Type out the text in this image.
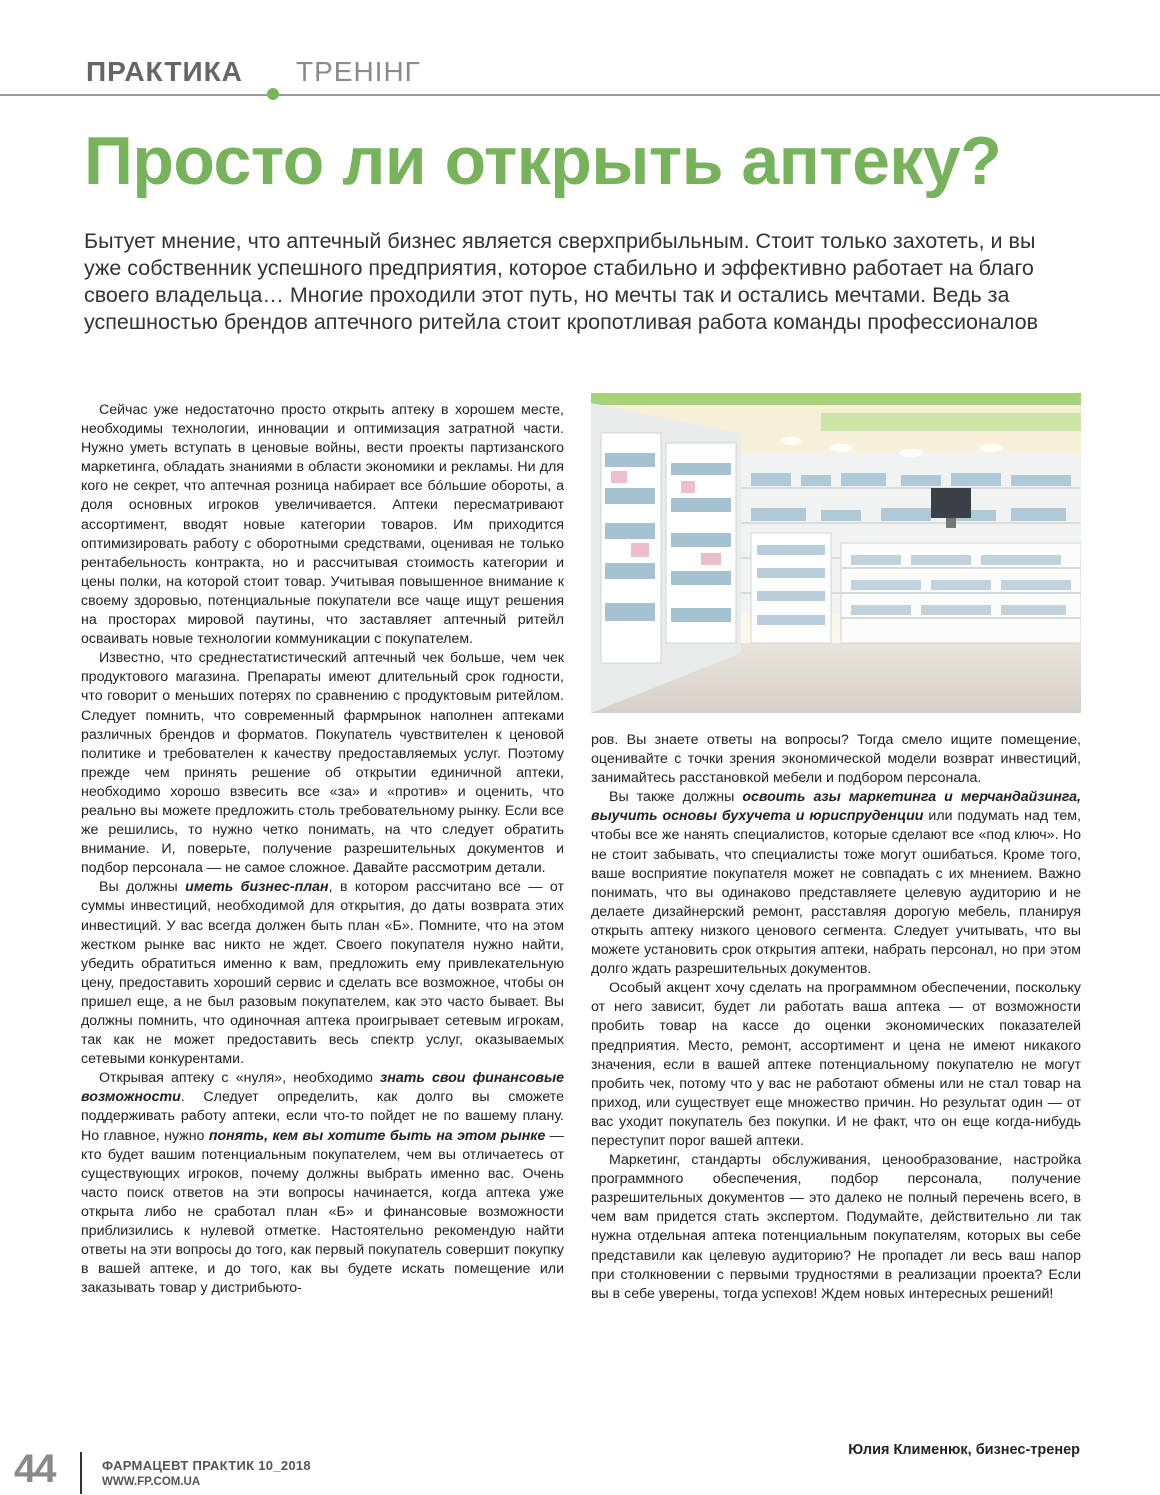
ПРАКТИКА ТРЕНІНГ
Просто ли открыть аптеку?
Бытует мнение, что аптечный бизнес является сверхприбыльным. Стоит только захотеть, и вы уже собственник успешного предприятия, которое стабильно и эффективно работает на благо своего владельца… Многие проходили этот путь, но мечты так и остались мечтами. Ведь за успешностью брендов аптечного ритейла стоит кропотливая работа команды профессионалов

Сейчас уже недостаточно просто открыть аптеку в хорошем месте, необходимы технологии, инновации и оптимизация затратной части. Нужно уметь вступать в ценовые войны, вести проекты партизанского маркетинга, обладать знаниями в области экономики и рекламы. Ни для кого не секрет, что аптечная розница набирает все бóльшие обороты, а доля основных игроков увеличивается. Аптеки пересматривают ассортимент, вводят новые категории товаров. Им приходится оптимизировать работу с оборотными средствами, оценивая не только рентабельность контракта, но и рассчитывая стоимость категории и цены полки, на которой стоит товар. Учитывая повышенное внимание к своему здоровью, потенциальные покупатели все чаще ищут решения на просторах мировой паутины, что заставляет аптечный ритейл осваивать новые технологии коммуникации с покупателем.

Известно, что среднестатистический аптечный чек больше, чем чек продуктового магазина. Препараты имеют длительный срок годности, что говорит о меньших потерях по сравнению с продуктовым ритейлом. Следует помнить, что современный фармрынок наполнен аптеками различных брендов и форматов. Покупатель чувствителен к ценовой политике и требователен к качеству предоставляемых услуг. Поэтому прежде чем принять решение об открытии единичной аптеки, необходимо хорошо взвесить все «за» и «против» и оценить, что реально вы можете предложить столь требовательному рынку. Если все же решились, то нужно четко понимать, на что следует обратить внимание. И, поверьте, получение разрешительных документов и подбор персонала — не самое сложное. Давайте рассмотрим детали.

Вы должны иметь бизнес-план, в котором рассчитано все — от суммы инвестиций, необходимой для открытия, до даты возврата этих инвестиций. У вас всегда должен быть план «Б». Помните, что на этом жестком рынке вас никто не ждет. Своего покупателя нужно найти, убедить обратиться именно к вам, предложить ему привлекательную цену, предоставить хороший сервис и сделать все возможное, чтобы он пришел еще, а не был разовым покупателем, как это часто бывает. Вы должны помнить, что одиночная аптека проигрывает сетевым игрокам, так как не может предоставить весь спектр услуг, оказываемых сетевыми конкурентами.

Открывая аптеку с «нуля», необходимо знать свои финансовые возможности. Следует определить, как долго вы сможете поддерживать работу аптеки, если что-то пойдет не по вашему плану. Но главное, нужно понять, кем вы хотите быть на этом рынке — кто будет вашим потенциальным покупателем, чем вы отличаетесь от существующих игроков, почему должны выбрать именно вас. Очень часто поиск ответов на эти вопросы начинается, когда аптека уже открыта либо не сработал план «Б» и финансовые возможности приблизились к нулевой отметке. Настоятельно рекомендую найти ответы на эти вопросы до того, как первый покупатель совершит покупку в вашей аптеке, и до того, как вы будете искать помещение или заказывать товар у дистрибьюто-

ров. Вы знаете ответы на вопросы? Тогда смело ищите помещение, оценивайте с точки зрения экономической модели возврат инвестиций, занимайтесь расстановкой мебели и подбором персонала.

Вы также должны освоить азы маркетинга и мерчандайзинга, выучить основы бухучета и юриспруденции или подумать над тем, чтобы все же нанять специалистов, которые сделают все «под ключ». Но не стоит забывать, что специалисты тоже могут ошибаться. Кроме того, ваше восприятие покупателя может не совпадать с их мнением. Важно понимать, что вы одинаково представляете целевую аудиторию и не делаете дизайнерский ремонт, расставляя дорогую мебель, планируя открыть аптеку низкого ценового сегмента. Следует учитывать, что вы можете установить срок открытия аптеки, набрать персонал, но при этом долго ждать разрешительных документов.

Особый акцент хочу сделать на программном обеспечении, поскольку от него зависит, будет ли работать ваша аптека — от возможности пробить товар на кассе до оценки экономических показателей предприятия. Место, ремонт, ассортимент и цена не имеют никакого значения, если в вашей аптеке потенциальному покупателю не могут пробить чек, потому что у вас не работают обмены или не стал товар на приход, или существует еще множество причин. Но результат один — от вас уходит покупатель без покупки. И не факт, что он еще когда-нибудь переступит порог вашей аптеки.

Маркетинг, стандарты обслуживания, ценообразование, настройка программного обеспечения, подбор персонала, получение разрешительных документов — это далеко не полный перечень всего, в чем вам придется стать экспертом. Подумайте, действительно ли так нужна отдельная аптека потенциальным покупателям, которых вы себе представили как целевую аудиторию? Не пропадет ли весь ваш напор при столкновении с первыми трудностями в реализации проекта? Если вы в себе уверены, тогда успехов! Ждем новых интересных решений!

Юлия Клименюк, бизнес-тренер
44	ФАРМАЦЕВТ ПРАКТИК 10_2018
WWW.FP.COM.UA
